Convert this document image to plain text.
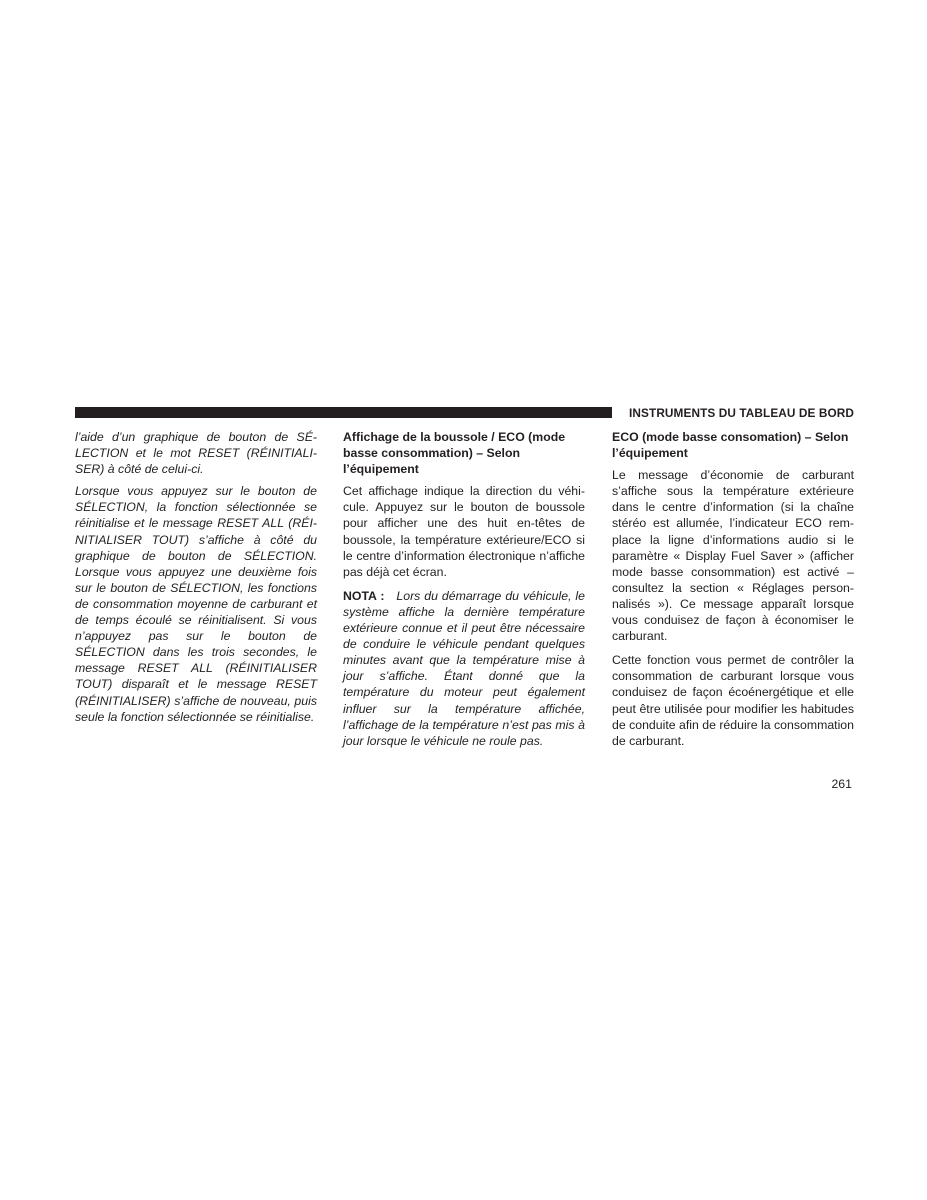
INSTRUMENTS DU TABLEAU DE BORD

l’aide d’un graphique de bouton de SÉLECTION et le mot RESET (RÉINITIALISER) à côté de celui-ci.

Lorsque vous appuyez sur le bouton de SÉLECTION, la fonction sélectionnée se réinitialise et le message RESET ALL (RÉINITIALISER TOUT) s’affiche à côté du graphique de bouton de SÉLECTION. Lorsque vous appuyez une deuxième fois sur le bouton de SÉLECTION, les fonctions de consommation moyenne de carburant et de temps écoulé se réinitialisent. Si vous n’appuyez pas sur le bouton de SÉLECTION dans les trois secondes, le message RESET ALL (RÉINITIALISER TOUT) disparaît et le message RESET (RÉINITIALISER) s’affiche de nouveau, puis seule la fonction sélectionnée se réinitialise.

Affichage de la boussole / ECO (mode basse consommation) – Selon l’équipement

Cet affichage indique la direction du véhicule. Appuyez sur le bouton de boussole pour afficher une des huit en-têtes de boussole, la température extérieure/ECO si le centre d’information électronique n’affiche pas déjà cet écran.

NOTA : Lors du démarrage du véhicule, le système affiche la dernière température extérieure connue et il peut être nécessaire de conduire le véhicule pendant quelques minutes avant que la température mise à jour s’affiche. Étant donné que la température du moteur peut également influer sur la température affichée, l’affichage de la température n’est pas mis à jour lorsque le véhicule ne roule pas.

ECO (mode basse consomation) – Selon l’équipement

Le message d’économie de carburant s’affiche sous la température extérieure dans le centre d’information (si la chaîne stéréo est allumée, l’indicateur ECO remplace la ligne d’informations audio si le paramètre « Display Fuel Saver » (afficher mode basse consommation) est activé – consultez la section « Réglages personnalisés »). Ce message apparaît lorsque vous conduisez de façon à économiser le carburant.

Cette fonction vous permet de contrôler la consommation de carburant lorsque vous conduisez de façon écoénergétique et elle peut être utilisée pour modifier les habitudes de conduite afin de réduire la consommation de carburant.

261
